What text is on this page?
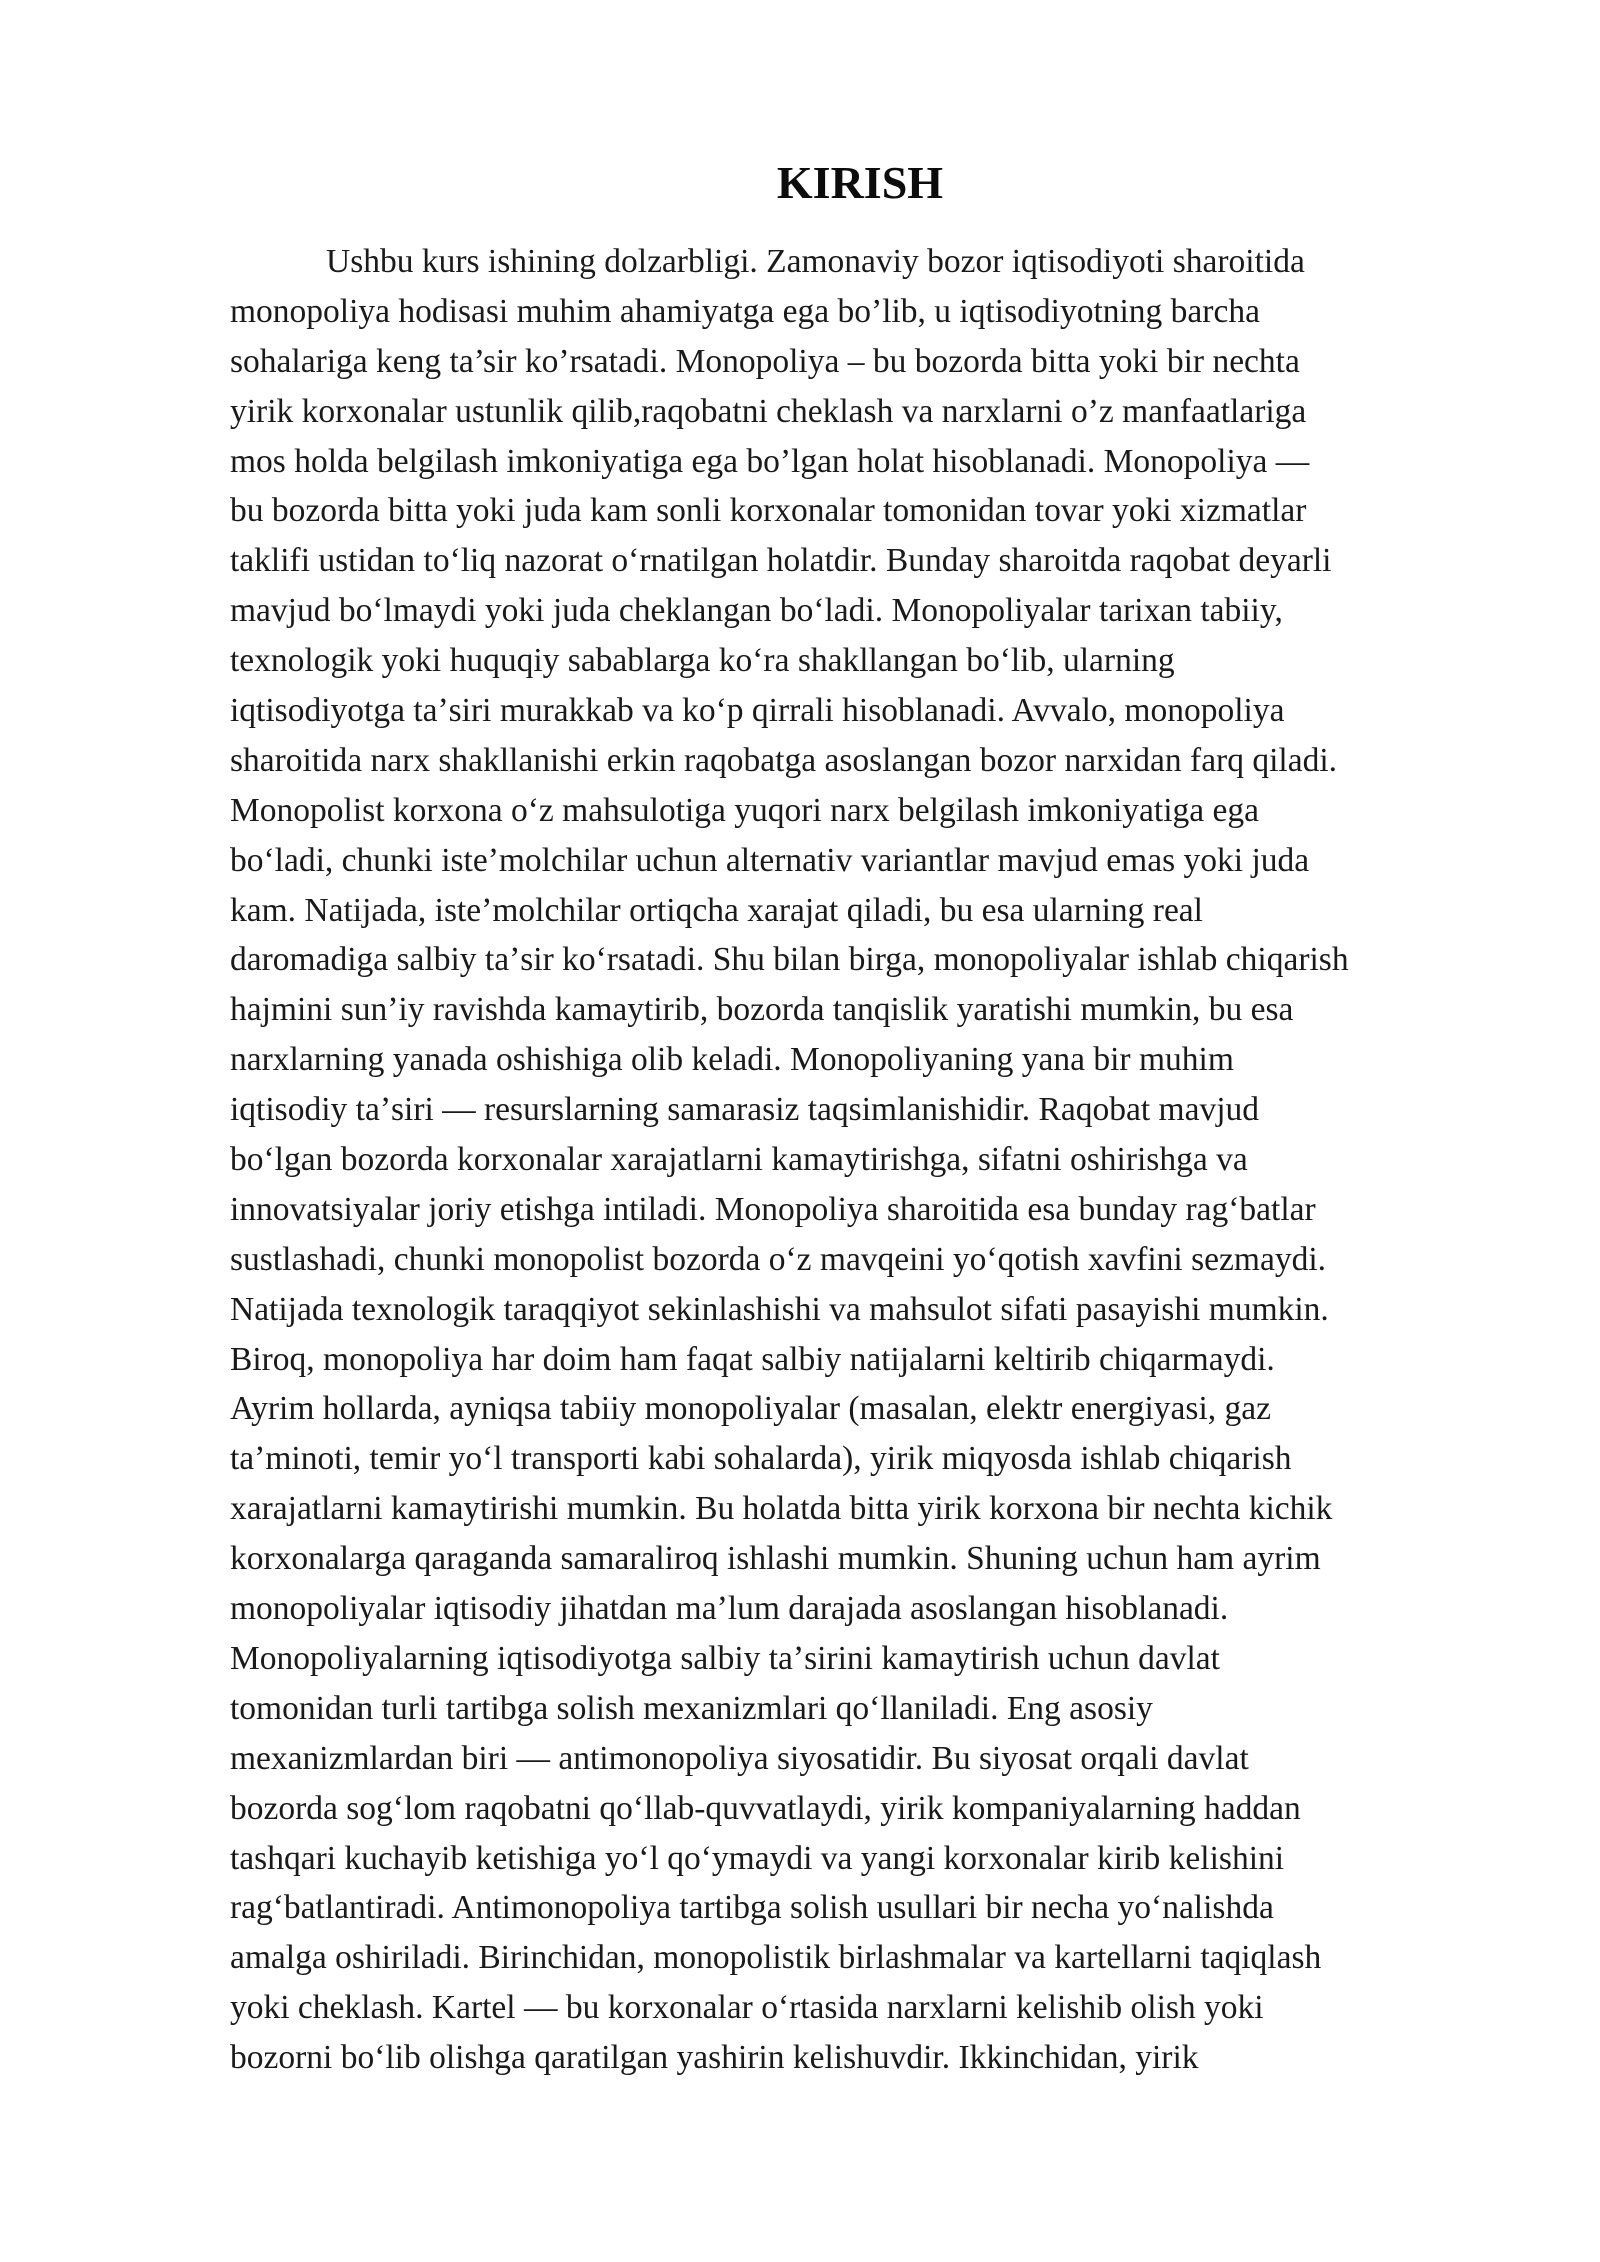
KIRISH
Ushbu kurs ishining dolzarbligi. Zamonaviy bozor iqtisodiyoti sharoitida
monopoliya hodisasi muhim ahamiyatga ega bo’lib, u iqtisodiyotning barcha
sohalariga keng ta’sir ko’rsatadi. Monopoliya – bu bozorda bitta yoki bir nechta
yirik korxonalar ustunlik qilib,raqobatni cheklash va narxlarni o’z manfaatlariga
mos holda belgilash imkoniyatiga ega bo’lgan holat hisoblanadi. Monopoliya —
bu bozorda bitta yoki juda kam sonli korxonalar tomonidan tovar yoki xizmatlar
taklifi ustidan toʻliq nazorat oʻrnatilgan holatdir. Bunday sharoitda raqobat deyarli
mavjud boʻlmaydi yoki juda cheklangan boʻladi. Monopoliyalar tarixan tabiiy,
texnologik yoki huquqiy sabablarga koʻra shakllangan boʻlib, ularning
iqtisodiyotga taʼsiri murakkab va koʻp qirrali hisoblanadi. Avvalo, monopoliya
sharoitida narx shakllanishi erkin raqobatga asoslangan bozor narxidan farq qiladi.
Monopolist korxona oʻz mahsulotiga yuqori narx belgilash imkoniyatiga ega
boʻladi, chunki isteʼmolchilar uchun alternativ variantlar mavjud emas yoki juda
kam. Natijada, isteʼmolchilar ortiqcha xarajat qiladi, bu esa ularning real
daromadiga salbiy taʼsir koʻrsatadi. Shu bilan birga, monopoliyalar ishlab chiqarish
hajmini sunʼiy ravishda kamaytirib, bozorda tanqislik yaratishi mumkin, bu esa
narxlarning yanada oshishiga olib keladi. Monopoliyaning yana bir muhim
iqtisodiy taʼsiri — resurslarning samarasiz taqsimlanishidir. Raqobat mavjud
boʻlgan bozorda korxonalar xarajatlarni kamaytirishga, sifatni oshirishga va
innovatsiyalar joriy etishga intiladi. Monopoliya sharoitida esa bunday ragʻbatlar
sustlashadi, chunki monopolist bozorda oʻz mavqeini yoʻqotish xavfini sezmaydi.
Natijada texnologik taraqqiyot sekinlashishi va mahsulot sifati pasayishi mumkin.
Biroq, monopoliya har doim ham faqat salbiy natijalarni keltirib chiqarmaydi.
Ayrim hollarda, ayniqsa tabiiy monopoliyalar (masalan, elektr energiyasi, gaz
taʼminoti, temir yoʻl transporti kabi sohalarda), yirik miqyosda ishlab chiqarish
xarajatlarni kamaytirishi mumkin. Bu holatda bitta yirik korxona bir nechta kichik
korxonalarga qaraganda samaraliroq ishlashi mumkin. Shuning uchun ham ayrim
monopoliyalar iqtisodiy jihatdan maʼlum darajada asoslangan hisoblanadi.
Monopoliyalarning iqtisodiyotga salbiy taʼsirini kamaytirish uchun davlat
tomonidan turli tartibga solish mexanizmlari qoʻllaniladi. Eng asosiy
mexanizmlardan biri — antimonopoliya siyosatidir. Bu siyosat orqali davlat
bozorda sogʻlom raqobatni qoʻllab-quvvatlaydi, yirik kompaniyalarning haddan
tashqari kuchayib ketishiga yoʻl qoʻymaydi va yangi korxonalar kirib kelishini
ragʻbatlantiradi. Antimonopoliya tartibga solish usullari bir necha yoʻnalishda
amalga oshiriladi. Birinchidan, monopolistik birlashmalar va kartellarni taqiqlash
yoki cheklash. Kartel — bu korxonalar oʻrtasida narxlarni kelishib olish yoki
bozorni boʻlib olishga qaratilgan yashirin kelishuvdir. Ikkinchidan, yirik
